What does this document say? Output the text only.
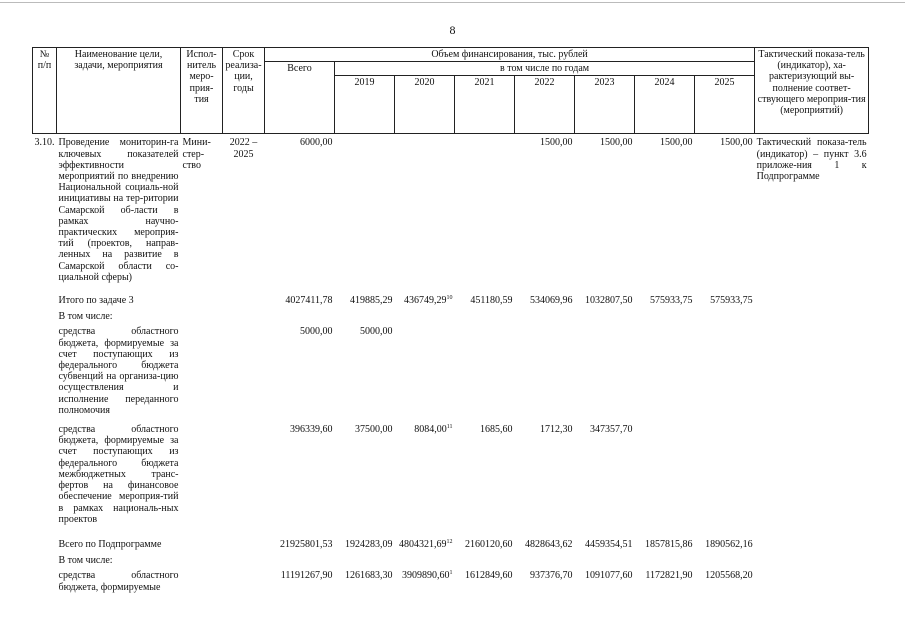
8
№ п/п	Наименование цели, задачи, мероприятия	Испол-нитель меро-прия-тия	Срок реализа-ции, годы	Объем финансирования, тыс. рублей								Тактический показа-тель (индикатор), ха-рактеризующий вы-полнение соответ-ствующего мероприя-тия (мероприятий)
				Всего	в том числе по годам							
					2019	2020	2021	2022	2023	2024	2025	
3.10.	Проведение мониторин-га ключевых показателей эффективности мероприятий по внедрению Национальной социаль-ной инициативы на тер-ритории Самарской об-ласти в рамках научно-практических мероприя-тий (проектов, направ-ленных на развитие в Самарской области со-циальной сферы)	Мини-стер-ство	2022 – 2025	6000,00				1500,00	1500,00	1500,00	1500,00	Тактический показа-тель (индикатор) – пункт 3.6 приложе-ния 1 к Подпрограмме
	Итого по задаче 3			4027411,78	419885,29	436749,29$^{10}$	451180,59	534069,96	1032807,50	575933,75	575933,75	
	В том числе:											
	средства областного бюджета, формируемые за счет поступающих из федерального бюджета субвенций на организа-цию осуществления и исполнение переданного полномочия			5000,00	5000,00							
	средства областного бюджета, формируемые за счет поступающих из федерального бюджета межбюджетных транс-фертов на финансовое обеспечение мероприя-тий в рамках националь-ных проектов			396339,60	37500,00	8084,00$^{11}$	1685,60	1712,30	347357,70			
	Всего по Подпрограмме			21925801,53	1924283,09	4804321,69$^{12}$	2160120,60	4828643,62	4459354,51	1857815,86	1890562,16	
	В том числе:											
	средства областного бюджета, формируемые			11191267,90	1261683,30	3909890,60$^1$	1612849,60	937376,70	1091077,60	1172821,90	1205568,20	
